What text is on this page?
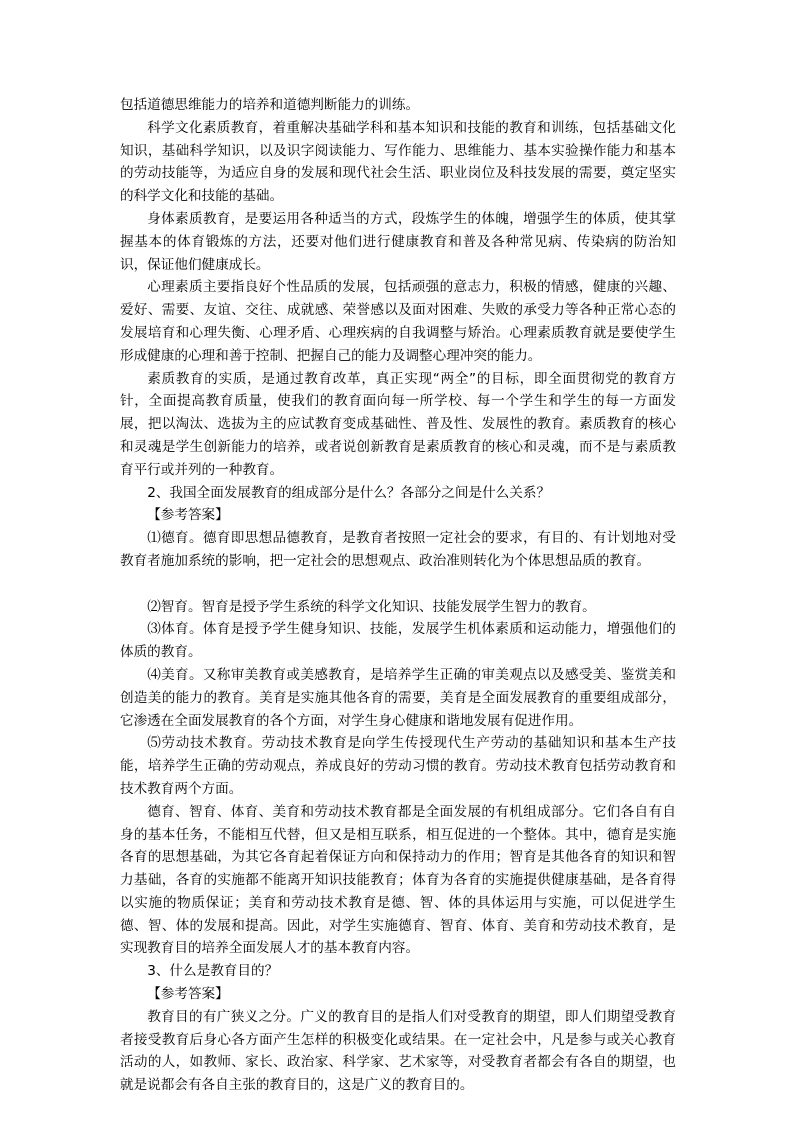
包括道德思维能力的培养和道德判断能力的训练。

科学文化素质教育，着重解决基础学科和基本知识和技能的教育和训练，包括基础文化知识，基础科学知识，以及识字阅读能力、写作能力、思维能力、基本实验操作能力和基本的劳动技能等，为适应自身的发展和现代社会生活、职业岗位及科技发展的需要，奠定坚实的科学文化和技能的基础。

身体素质教育，是要运用各种适当的方式，段炼学生的体魄，增强学生的体质，使其掌握基本的体育锻炼的方法，还要对他们进行健康教育和普及各种常见病、传染病的防治知识，保证他们健康成长。

心理素质主要指良好个性品质的发展，包括顽强的意志力，积极的情感，健康的兴趣、爱好、需要、友谊、交往、成就感、荣誉感以及面对困难、失败的承受力等各种正常心态的发展培育和心理失衡、心理矛盾、心理疾病的自我调整与矫治。心理素质教育就是要使学生形成健康的心理和善于控制、把握自己的能力及调整心理冲突的能力。

素质教育的实质，是通过教育改革，真正实现“两全”的目标，即全面贯彻党的教育方针，全面提高教育质量，使我们的教育面向每一所学校、每一个学生和学生的每一方面发展，把以淘汰、选拔为主的应试教育变成基础性、普及性、发展性的教育。素质教育的核心和灵魂是学生创新能力的培养，或者说创新教育是素质教育的核心和灵魂，而不是与素质教育平行或并列的一种教育。

2、我国全面发展教育的组成部分是什么？各部分之间是什么关系？

【参考答案】

⑴德育。德育即思想品德教育，是教育者按照一定社会的要求，有目的、有计划地对受教育者施加系统的影响，把一定社会的思想观点、政治准则转化为个体思想品质的教育。

⑵智育。智育是授予学生系统的科学文化知识、技能发展学生智力的教育。

⑶体育。体育是授予学生健身知识、技能，发展学生机体素质和运动能力，增强他们的体质的教育。

⑷美育。又称审美教育或美感教育，是培养学生正确的审美观点以及感受美、鉴赏美和创造美的能力的教育。美育是实施其他各育的需要，美育是全面发展教育的重要组成部分，它渗透在全面发展教育的各个方面，对学生身心健康和谐地发展有促进作用。

⑸劳动技术教育。劳动技术教育是向学生传授现代生产劳动的基础知识和基本生产技能，培养学生正确的劳动观点，养成良好的劳动习惯的教育。劳动技术教育包括劳动教育和技术教育两个方面。

德育、智育、体育、美育和劳动技术教育都是全面发展的有机组成部分。它们各自有自身的基本任务，不能相互代替，但又是相互联系，相互促进的一个整体。其中，德育是实施各育的思想基础，为其它各育起着保证方向和保持动力的作用；智育是其他各育的知识和智力基础，各育的实施都不能离开知识技能教育；体育为各育的实施提供健康基础，是各育得以实施的物质保证；美育和劳动技术教育是德、智、体的具体运用与实施，可以促进学生德、智、体的发展和提高。因此，对学生实施德育、智育、体育、美育和劳动技术教育，是实现教育目的培养全面发展人才的基本教育内容。

3、什么是教育目的？

【参考答案】

教育目的有广狭义之分。广义的教育目的是指人们对受教育的期望，即人们期望受教育者接受教育后身心各方面产生怎样的积极变化或结果。在一定社会中，凡是参与或关心教育活动的人，如教师、家长、政治家、科学家、艺术家等，对受教育者都会有各自的期望，也就是说都会有各自主张的教育目的，这是广义的教育目的。
